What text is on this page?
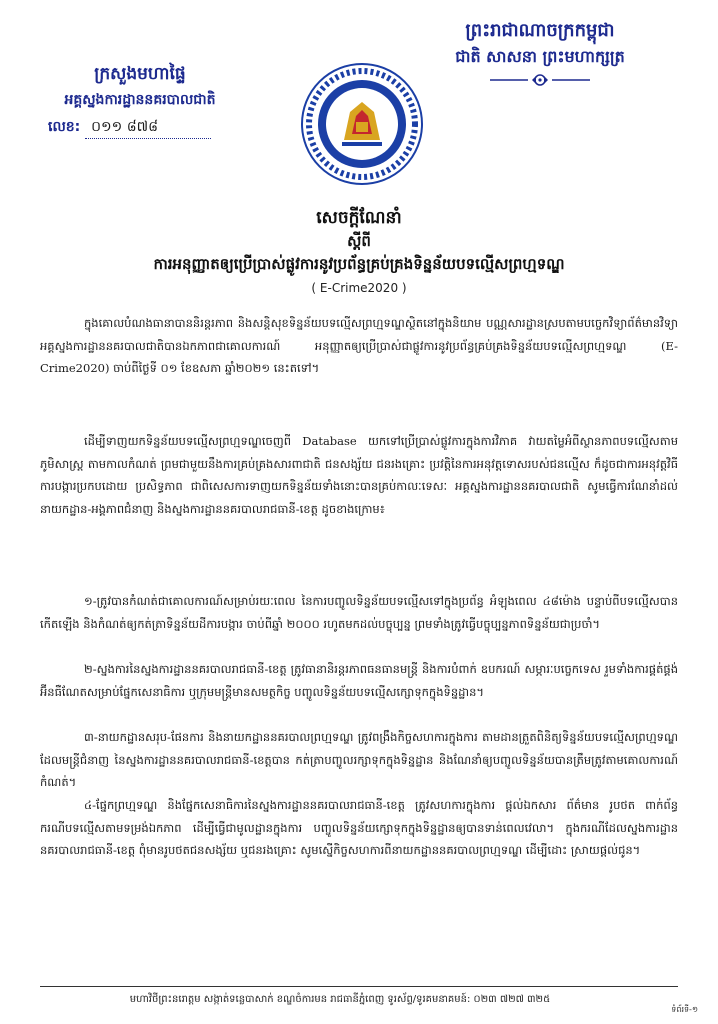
ក្រសួងមហាផ្ទៃ
អគ្គស្នងការដ្ឋាននគរបាលជាតិ
លេខ: ០១១ ៨៧៨
ព្រះរាជាណាចក្រកម្ពុជា
ជាតិ សាសនា ព្រះមហាក្សត្រ
សេចក្ដីណែនាំ
ស្ដីពី
ការអនុញ្ញាតឲ្យប្រើប្រាស់ផ្លូវការនូវប្រព័ន្ធគ្រប់គ្រងទិន្នន័យបទល្មើសព្រហ្មទណ្ឌ
( E-Crime2020 )

ក្នុងគោលបំណងធានាបាននិរន្តរភាព និងសន្តិសុខទិន្នន័យបទល្មើសព្រហ្មទណ្ឌស្ថិតនៅក្នុងនិយាម បណ្ណសារដ្ឋានស្របតាមបច្ចេកវិទ្យាព័ត៌មានវិទ្យា អគ្គស្នងការដ្ឋាននគរបាលជាតិបានឯកភាពជាគោលការណ៍ អនុញ្ញាតឲ្យប្រើប្រាស់ជាផ្លូវការនូវប្រព័ន្ធគ្រប់គ្រងទិន្នន័យបទល្មើសព្រហ្មទណ្ឌ (E-Crime2020) ចាប់ពីថ្ងៃទី ០១ ខែឧសភា ឆ្នាំ២០២១ នេះតទៅ។

ដើម្បីទាញយកទិន្នន័យបទល្មើសព្រហ្មទណ្ឌចេញពី Database យកទៅប្រើប្រាស់ផ្លូវការក្នុងការវិភាគ វាយតម្លៃអំពីស្ថានភាពបទល្មើសតាមភូមិសាស្ត្រ តាមកាលកំណត់ ព្រមជាមួយនឹងការគ្រប់គ្រងសារពាជាតិ ជនសង្ស័យ ជនរងគ្រោះ ប្រវត្តិនៃការអនុវត្តទោសរបស់ជនល្មើស ក៏ដូចជាការអនុវត្តវិធីការបង្ការប្រកបដោយ ប្រសិទ្ធភាព ជាពិសេសការទាញយកទិន្នន័យទាំងនោះបានគ្រប់កាលៈទេសៈ អគ្គស្នងការដ្ឋាននគរបាលជាតិ សូមធ្វើការណែនាំដល់នាយកដ្ឋាន-អង្គភាពជំនាញ និងស្នងការដ្ឋាននគរបាលរាជធានី-ខេត្ត ដូចខាងក្រោម៖

១-ត្រូវបានកំណត់ជាគោលការណ៍សម្រាប់រយៈពេល នៃការបញ្ចូលទិន្នន័យបទល្មើសទៅក្នុងប្រព័ន្ធ អំឡុងពេល ៤៨ម៉ោង បន្ទាប់ពីបទល្មើសបានកើតឡើង និងកំណត់ឲ្យកត់ត្រាទិន្នន័យដីការបង្ការ ចាប់ពីឆ្នាំ ២០០០ រហូតមកដល់បច្ចុប្បន្ន ព្រមទាំងត្រូវធ្វើបច្ចុប្បន្នភាពទិន្នន័យជាប្រចាំ។

២-ស្នងការនៃស្នងការដ្ឋាននគរបាលរាជធានី-ខេត្ត ត្រូវធានានិរន្តរភាពធនធានមន្ត្រី និងការបំពាក់ ឧបករណ៍ សម្ភារៈបច្ចេកទេស រួមទាំងការផ្គត់ផ្គង់អ៊ីនធឺណែតសម្រាប់ផ្នែកសេនាធិការ ឬក្រុមមន្ត្រីមានសមត្ថកិច្ច បញ្ចូលទិន្នន័យបទល្មើសក្សោទុកក្នុងទិន្នដ្ឋាន។

៣-នាយកដ្ឋានសរុប-ផែនការ និងនាយកដ្ឋាននគរបាលព្រហ្មទណ្ឌ ត្រូវពង្រឹងកិច្ចសហការក្នុងការ តាមដានត្រួតពិនិត្យទិន្នន័យបទល្មើសព្រហ្មទណ្ឌ ដែលមន្ត្រីជំនាញ នៃស្នងការដ្ឋាននគរបាលរាជធានី-ខេត្តបាន កត់ត្រាបញ្ចូលរក្សាទុកក្នុងទិន្នដ្ឋាន និងណែនាំឲ្យបញ្ចូលទិន្នន័យបានត្រឹមត្រូវតាមគោលការណ៍កំណត់។

៤-ផ្នែកព្រហ្មទណ្ឌ និងផ្នែកសេនាធិការនៃស្នងការដ្ឋាននគរបាលរាជធានី-ខេត្ត ត្រូវសហការក្នុងការ ផ្ដល់ឯកសារ ព័ត៌មាន រូបថត ពាក់ព័ន្ធករណីបទល្មើសតាមទម្រង់ឯកភាព ដើម្បីធ្វើជាមូលដ្ឋានក្នុងការ បញ្ចូលទិន្នន័យក្សោទុកក្នុងទិន្នដ្ឋានឲ្យបានទាន់ពេលវេលា។ ក្នុងករណីដែលស្នងការដ្ឋាននគរបាលរាជធានី-ខេត្ត ពុំមានរូបថតជនសង្ស័យ ឬជនរងគ្រោះ សូមស្នើកិច្ចសហការពីនាយកដ្ឋាននគរបាលព្រហ្មទណ្ឌ ដើម្បីដោះ ស្រាយផ្ដល់ជូន។

មហាវិថីព្រះនរោត្តម សង្កាត់ទន្លេបាសាក់ ខណ្ឌចំការមន រាជធានីភ្នំពេញ ទូរស័ព្ទ/ទូរគមនាគមន៍: ០២៣ ៧២៧ ៣២៥
ទំព័រទី-១
